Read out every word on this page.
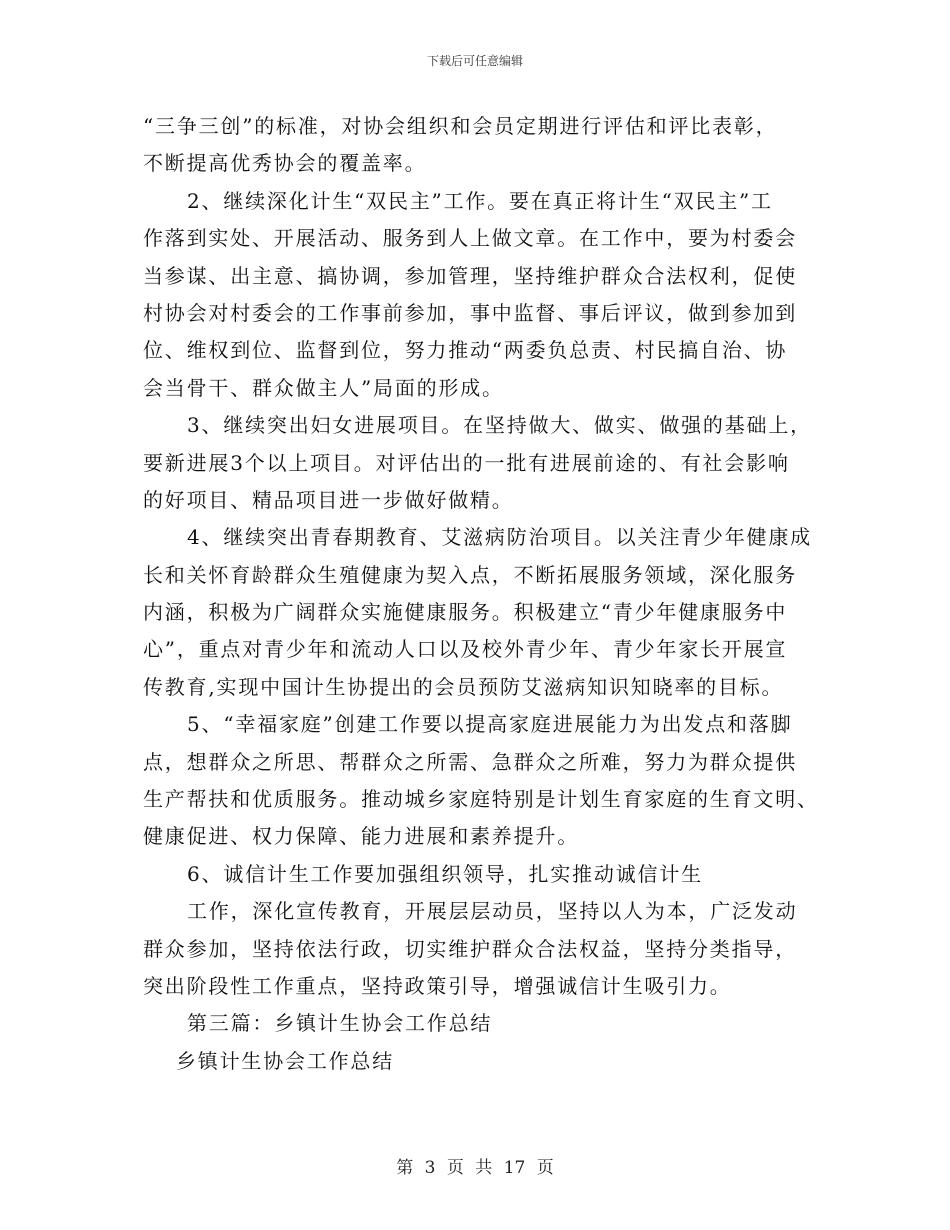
下载后可任意编辑
“三争三创”的标准，对协会组织和会员定期进行评估和评比表彰，
不断提高优秀协会的覆盖率。
2、继续深化计生“双民主”工作。要在真正将计生“双民主”工
作落到实处、开展活动、服务到人上做文章。在工作中，要为村委会
当参谋、出主意、搞协调，参加管理，坚持维护群众合法权利，促使
村协会对村委会的工作事前参加，事中监督、事后评议，做到参加到
位、维权到位、监督到位，努力推动“两委负总责、村民搞自治、协
会当骨干、群众做主人”局面的形成。
3、继续突出妇女进展项目。在坚持做大、做实、做强的基础上，
要新进展3个以上项目。对评估出的一批有进展前途的、有社会影响
的好项目、精品项目进一步做好做精。
4、继续突出青春期教育、艾滋病防治项目。以关注青少年健康成
长和关怀育龄群众生殖健康为契入点，不断拓展服务领域，深化服务
内涵，积极为广阔群众实施健康服务。积极建立“青少年健康服务中
心”，重点对青少年和流动人口以及校外青少年、青少年家长开展宣
传教育,实现中国计生协提出的会员预防艾滋病知识知晓率的目标。
5、“幸福家庭”创建工作要以提高家庭进展能力为出发点和落脚
点，想群众之所思、帮群众之所需、急群众之所难，努力为群众提供
生产帮扶和优质服务。推动城乡家庭特别是计划生育家庭的生育文明、
健康促进、权力保障、能力进展和素养提升。
6、诚信计生工作要加强组织领导，扎实推动诚信计生
工作，深化宣传教育，开展层层动员，坚持以人为本，广泛发动
群众参加，坚持依法行政，切实维护群众合法权益，坚持分类指导，
突出阶段性工作重点，坚持政策引导，增强诚信计生吸引力。
第三篇：乡镇计生协会工作总结
乡镇计生协会工作总结
第 3 页 共 17 页
